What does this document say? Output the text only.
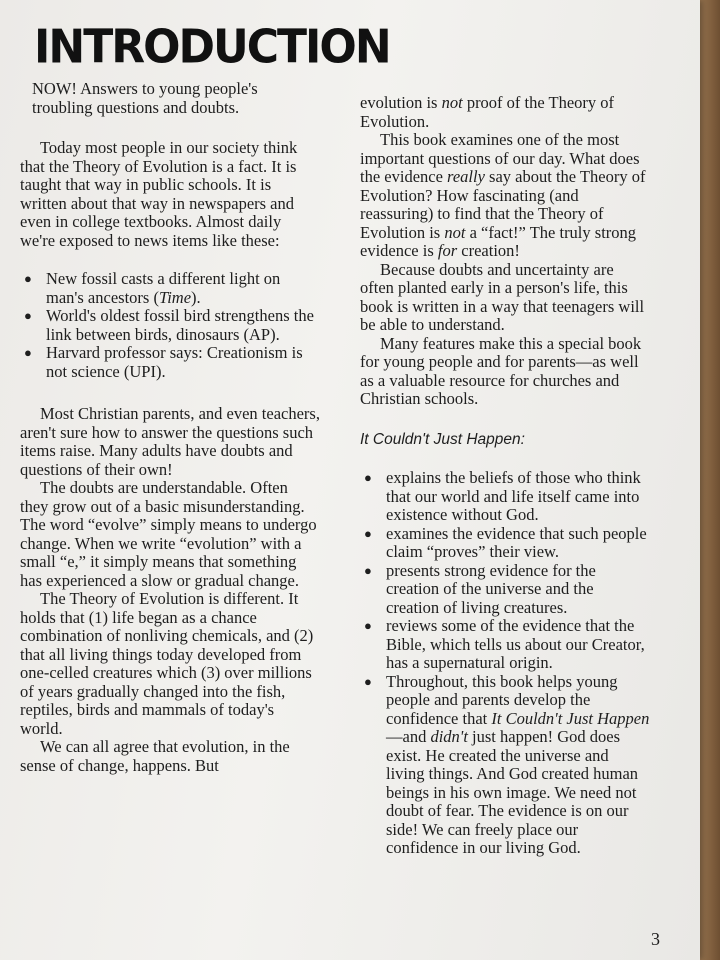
INTRODUCTION

NOW! Answers to young people's troubling questions and doubts.

Today most people in our society think that the Theory of Evolution is a fact. It is taught that way in public schools. It is written about that way in newspapers and even in college textbooks. Almost daily we're exposed to news items like these:

● New fossil casts a different light on man's ancestors (Time).
● World's oldest fossil bird strengthens the link between birds, dinosaurs (AP).
● Harvard professor says: Creationism is not science (UPI).

Most Christian parents, and even teachers, aren't sure how to answer the questions such items raise. Many adults have doubts and questions of their own!

The doubts are understandable. Often they grow out of a basic misunderstanding. The word “evolve” simply means to undergo change. When we write “evolution” with a small “e,” it simply means that something has experienced a slow or gradual change.

The Theory of Evolution is different. It holds that (1) life began as a chance combination of nonliving chemicals, and (2) that all living things today developed from one-celled creatures which (3) over millions of years gradually changed into the fish, reptiles, birds and mammals of today's world.

We can all agree that evolution, in the sense of change, happens. But

evolution is not proof of the Theory of Evolution.

This book examines one of the most important questions of our day. What does the evidence really say about the Theory of Evolution? How fascinating (and reassuring) to find that the Theory of Evolution is not a “fact!” The truly strong evidence is for creation!

Because doubts and uncertainty are often planted early in a person's life, this book is written in a way that teenagers will be able to understand.

Many features make this a special book for young people and for parents—as well as a valuable resource for churches and Christian schools.

It Couldn't Just Happen:

● explains the beliefs of those who think that our world and life itself came into existence without God.
● examines the evidence that such people claim “proves” their view.
● presents strong evidence for the creation of the universe and the creation of living creatures.
● reviews some of the evidence that the Bible, which tells us about our Creator, has a supernatural origin.
● Throughout, this book helps young people and parents develop the confidence that It Couldn't Just Happen—and didn't just happen! God does exist. He created the universe and living things. And God created human beings in his own image. We need not doubt of fear. The evidence is on our side! We can freely place our confidence in our living God.
3
